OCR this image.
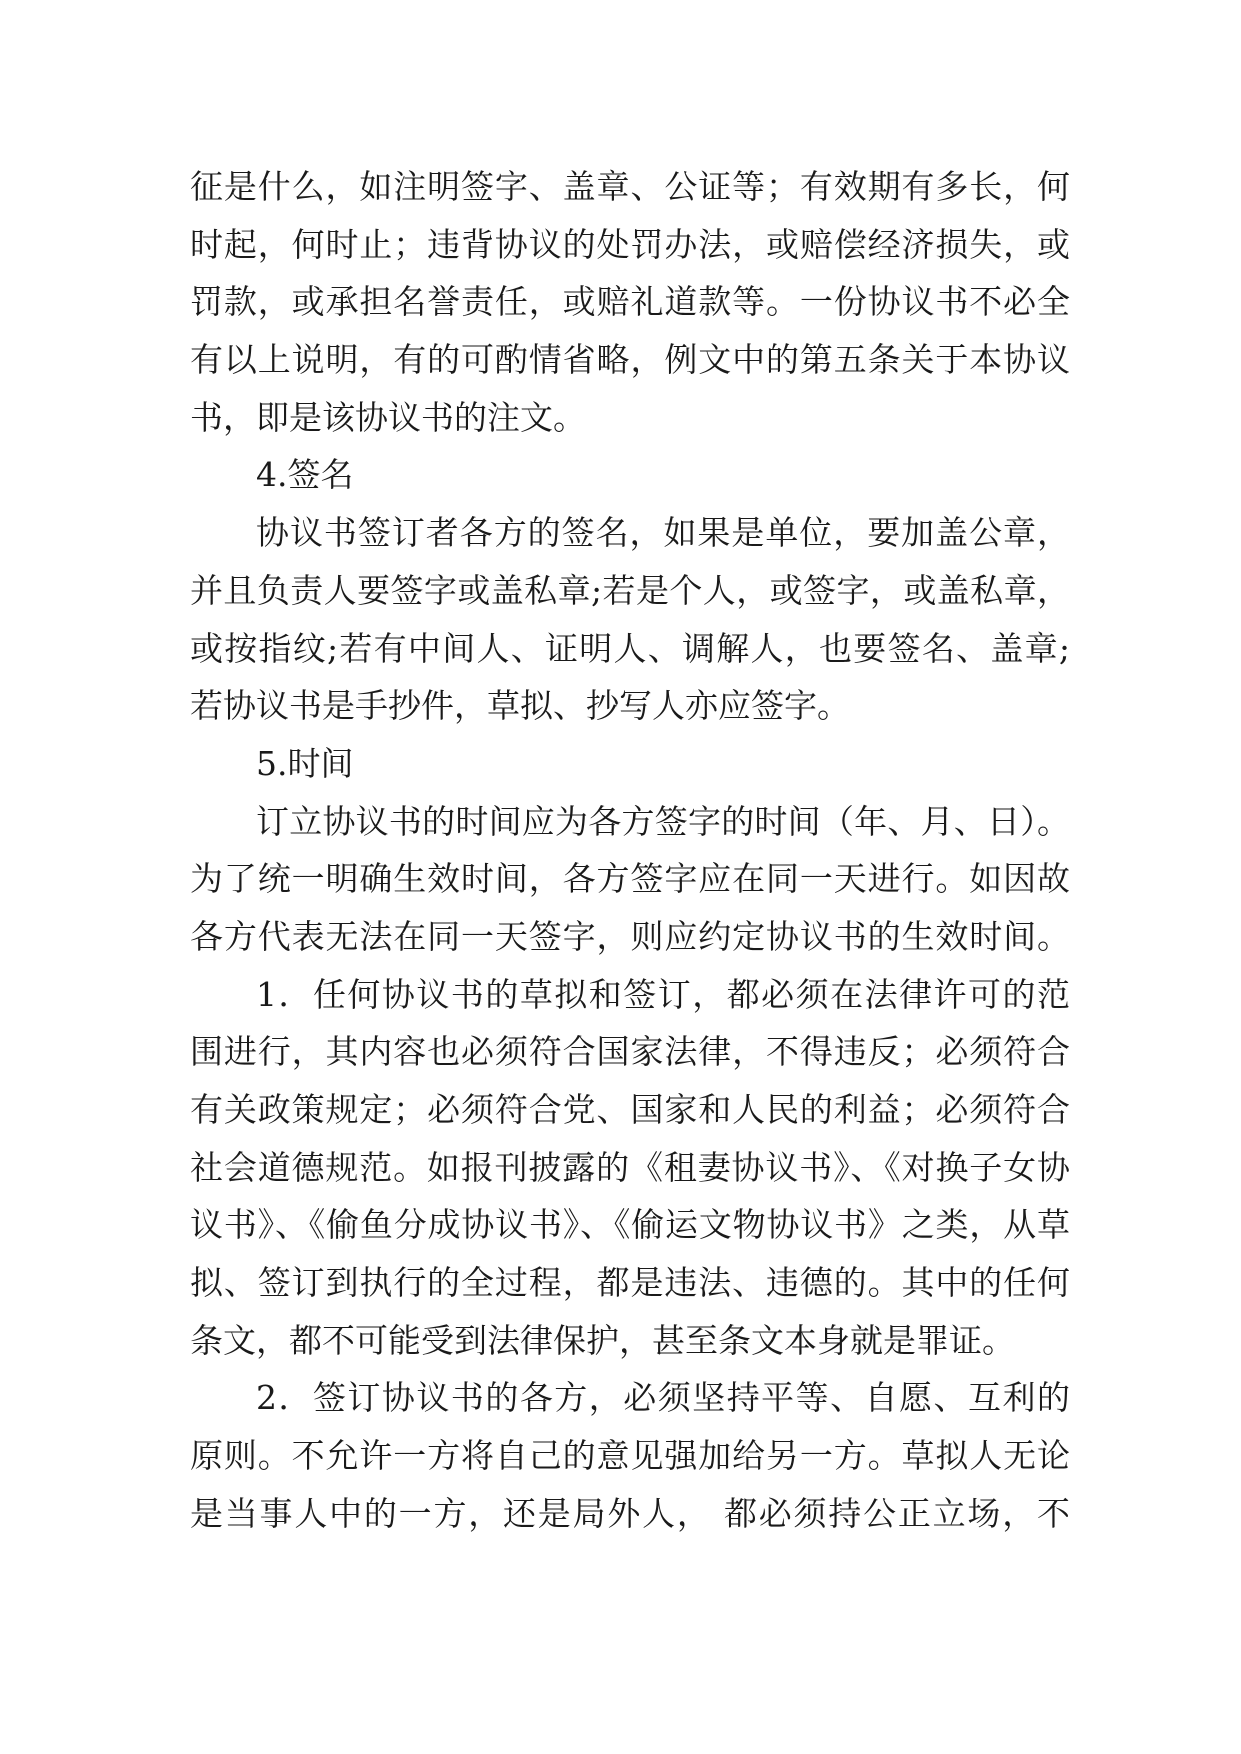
征是什么，如注明签字、盖章、公证等；有效期有多长，何
时起，何时止；违背协议的处罚办法，或赔偿经济损失，或
罚款，或承担名誉责任，或赔礼道款等。一份协议书不必全
有以上说明，有的可酌情省略，例文中的第五条关于本协议
书，即是该协议书的注文。
4.签名
协议书签订者各方的签名，如果是单位，要加盖公章，
并且负责人要签字或盖私章;若是个人，或签字，或盖私章，
或按指纹;若有中间人、证明人、调解人，也要签名、盖章;
若协议书是手抄件，草拟、抄写人亦应签字。
5.时间
订立协议书的时间应为各方签字的时间（年、月、日）。
为了统一明确生效时间，各方签字应在同一天进行。如因故
各方代表无法在同一天签字，则应约定协议书的生效时间。
1．任何协议书的草拟和签订，都必须在法律许可的范
围进行，其内容也必须符合国家法律，不得违反；必须符合
有关政策规定；必须符合党、国家和人民的利益；必须符合
社会道德规范。如报刊披露的《租妻协议书》、《对换子女协
议书》、《偷鱼分成协议书》、《偷运文物协议书》之类，从草
拟、签订到执行的全过程，都是违法、违德的。其中的任何
条文，都不可能受到法律保护，甚至条文本身就是罪证。
2．签订协议书的各方，必须坚持平等、自愿、互利的
原则。不允许一方将自己的意见强加给另一方。草拟人无论
是当事人中的一方，还是局外人， 都必须持公正立场，不
